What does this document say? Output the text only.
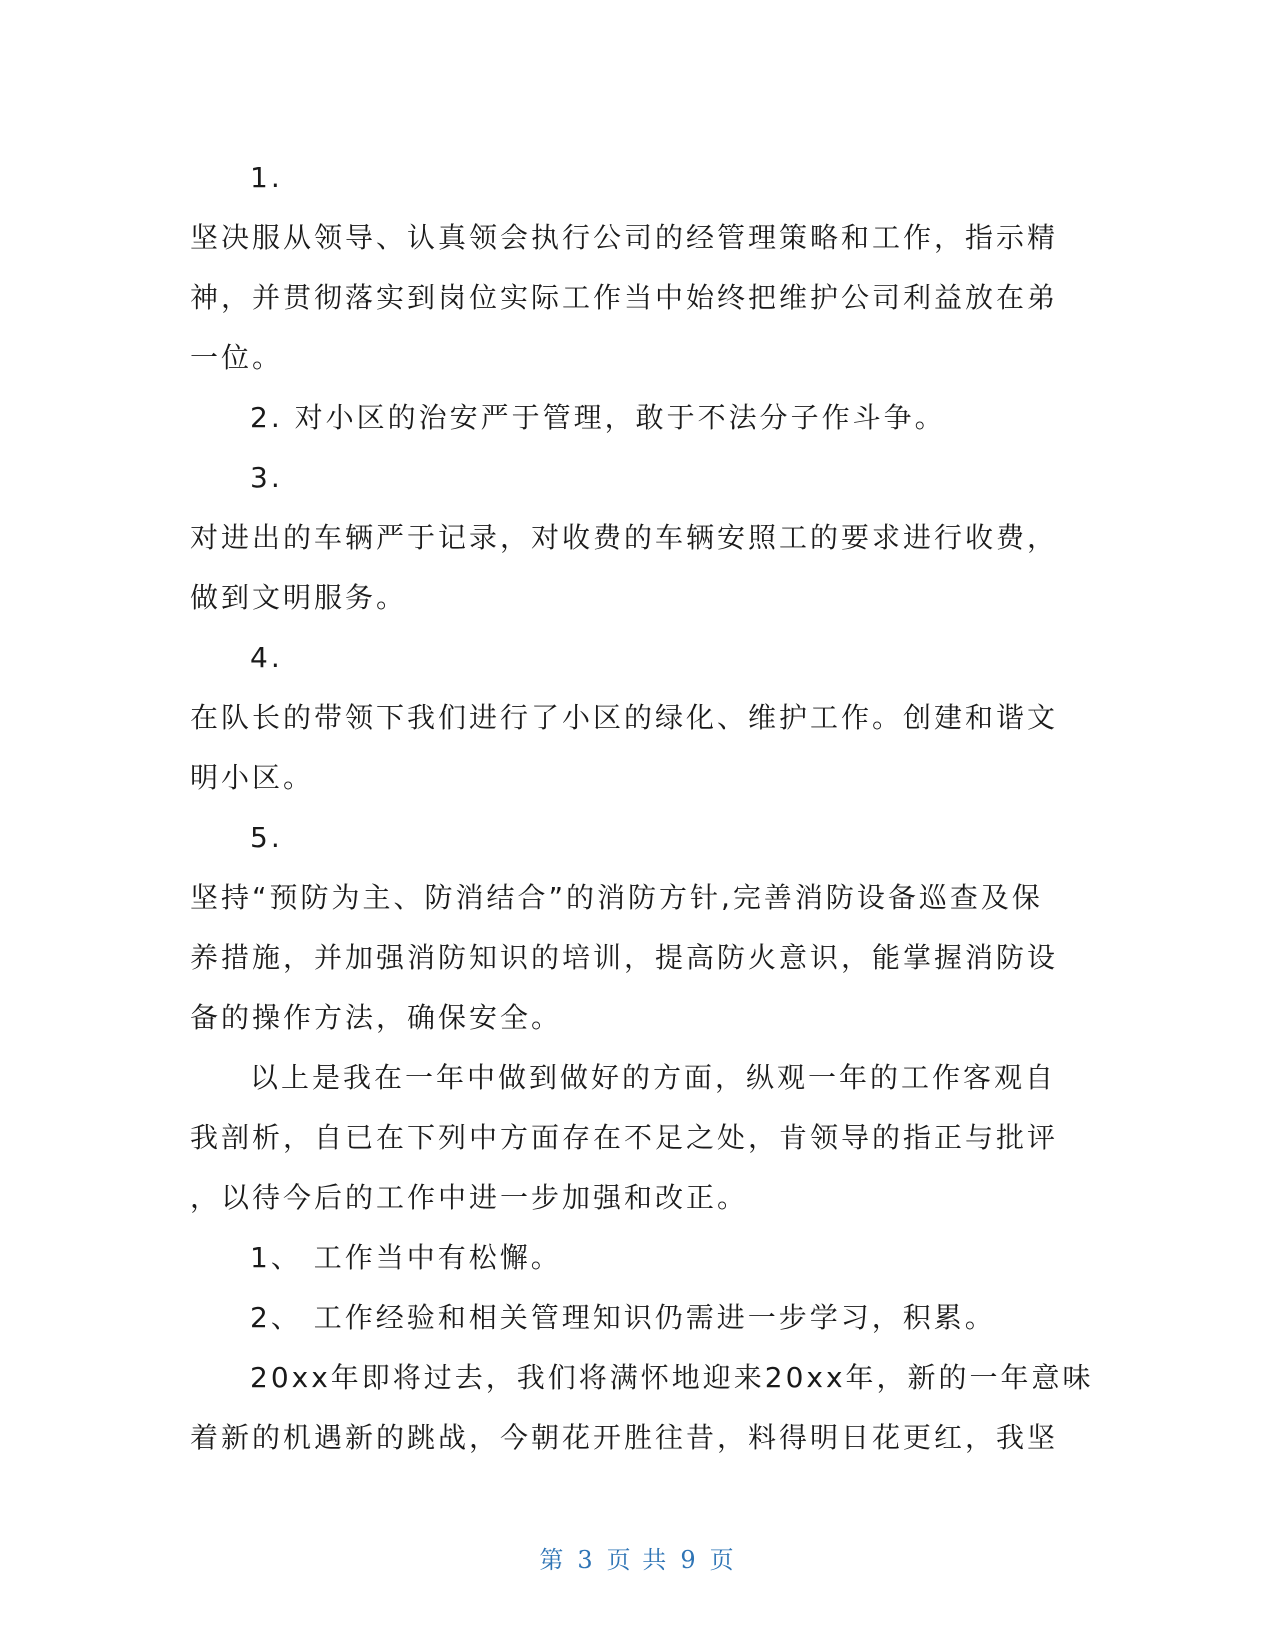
1.
坚决服从领导、认真领会执行公司的经管理策略和工作，指示精
神，并贯彻落实到岗位实际工作当中始终把维护公司利益放在弟
一位。
2. 对小区的治安严于管理，敢于不法分子作斗争。
3.
对进出的车辆严于记录，对收费的车辆安照工的要求进行收费，
做到文明服务。
4.
在队长的带领下我们进行了小区的绿化、维护工作。创建和谐文
明小区。
5.
坚持“预防为主、防消结合”的消防方针,完善消防设备巡查及保
养措施，并加强消防知识的培训，提高防火意识，能掌握消防设
备的操作方法，确保安全。
以上是我在一年中做到做好的方面，纵观一年的工作客观自
我剖析，自已在下列中方面存在不足之处，肯领导的指正与批评
，以待今后的工作中进一步加强和改正。
1、 工作当中有松懈。
2、 工作经验和相关管理知识仍需进一步学习，积累。
20xx年即将过去，我们将满怀地迎来20xx年，新的一年意味
着新的机遇新的跳战，今朝花开胜往昔，料得明日花更红，我坚
第 3 页 共 9 页
